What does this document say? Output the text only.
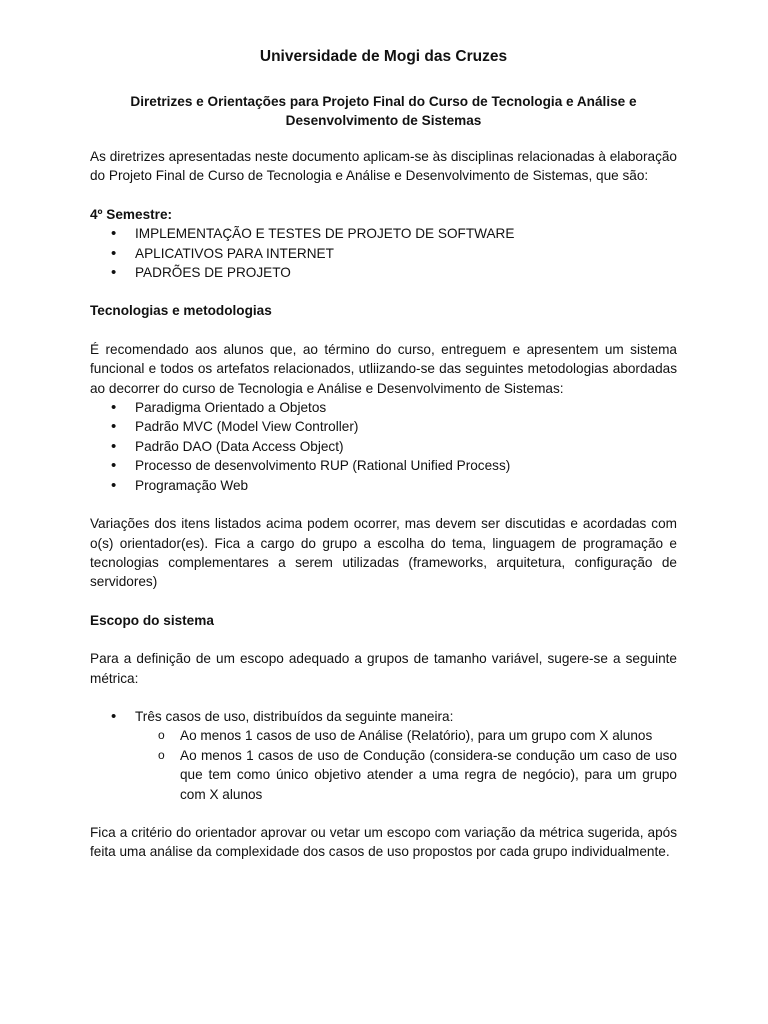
Universidade de Mogi das Cruzes
Diretrizes e Orientações para Projeto Final do Curso de Tecnologia e Análise e
Desenvolvimento de Sistemas

As diretrizes apresentadas neste documento aplicam-se às disciplinas relacionadas à elaboração do Projeto Final de Curso de Tecnologia e Análise e Desenvolvimento de Sistemas, que são:

4º Semestre:

• IMPLEMENTAÇÃO E TESTES DE PROJETO DE SOFTWARE
• APLICATIVOS PARA INTERNET
• PADRÕES DE PROJETO

Tecnologias e metodologias

É recomendado aos alunos que, ao término do curso, entreguem e apresentem um sistema funcional e todos os artefatos relacionados, utliizando-se das seguintes metodologias abordadas ao decorrer do curso de Tecnologia e Análise e Desenvolvimento de Sistemas:

• Paradigma Orientado a Objetos
• Padrão MVC (Model View Controller)
• Padrão DAO (Data Access Object)
• Processo de desenvolvimento RUP (Rational Unified Process)
• Programação Web

Variações dos itens listados acima podem ocorrer, mas devem ser discutidas e acordadas com o(s) orientador(es). Fica a cargo do grupo a escolha do tema, linguagem de programação e tecnologias complementares a serem utilizadas (frameworks, arquitetura, configuração de servidores)

Escopo do sistema

Para a definição de um escopo adequado a grupos de tamanho variável, sugere-se a seguinte métrica:

• Três casos de uso, distribuídos da seguinte maneira:
o Ao menos 1 casos de uso de Análise (Relatório), para um grupo com X alunos
o Ao menos 1 casos de uso de Condução (considera-se condução um caso de uso que tem como único objetivo atender a uma regra de negócio), para um grupo com X alunos

Fica a critério do orientador aprovar ou vetar um escopo com variação da métrica sugerida, após feita uma análise da complexidade dos casos de uso propostos por cada grupo individualmente.
